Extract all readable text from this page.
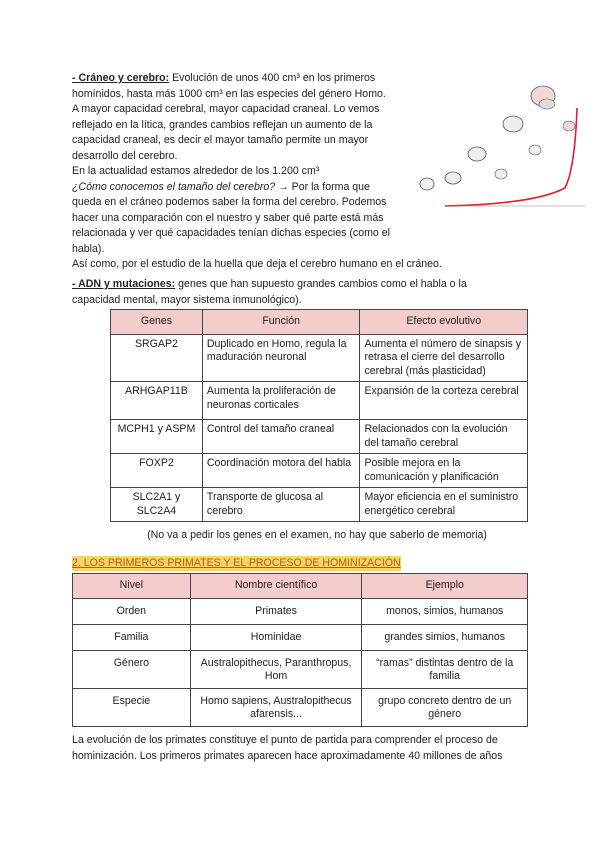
- Cráneo y cerebro: Evolución de unos 400 cm³ en los primeros

homínidos, hasta más 1000 cm³ en las especies del género Homo.

A mayor capacidad cerebral, mayor capacidad craneal. Lo vemos

reflejado en la lítica, grandes cambios reflejan un aumento de la

capacidad craneal, es decir el mayor tamaño permite un mayor

desarrollo del cerebro.

En la actualidad estamos alrededor de los 1.200 cm³

¿Cómo conocemos el tamaño del cerebro? → Por la forma que

queda en el cráneo podemos saber la forma del cerebro. Podemos

hacer una comparación con el nuestro y saber qué parte está más

relacionada y ver qué capacidades tenían dichas especies (como el

habla).

Así como, por el estudio de la huella que deja el cerebro humano en el cráneo.

- ADN y mutaciones: genes que han supuesto grandes cambios como el habla o la

capacidad mental, mayor sistema inmunológico).

Genes	Función	Efecto evolutivo
SRGAP2	Duplicado en Homo, regula la maduración neuronal	Aumenta el número de sinapsis y retrasa el cierre del desarrollo cerebral (más plasticidad)
ARHGAP11B	Aumenta la proliferación de neuronas corticales	Expansión de la corteza cerebral
MCPH1 y ASPM	Control del tamaño craneal	Relacionados con la evolución del tamaño cerebral
FOXP2	Coordinación motora del habla	Posible mejora en la comunicación y planificación
SLC2A1 y SLC2A4	Transporte de glucosa al cerebro	Mayor eficiencia en el suministro energético cerebral
(No va a pedir los genes en el examen, no hay que saberlo de memoria)
2. LOS PRIMEROS PRIMATES Y EL PROCESO DE HOMINIZACIÓN
Nivel	Nombre científico	Ejemplo
Orden	Primates	monos, simios, humanos
Familia	Hominidae	grandes simios, humanos
Género	Australopithecus, Paranthropus, Hom	“ramas” distintas dentro de la familia
Especie	Homo sapiens, Australopithecus afarensis...	grupo concreto dentro de un género

La evolución de los primates constituye el punto de partida para comprender el proceso de

hominización. Los primeros primates aparecen hace aproximadamente 40 millones de años
